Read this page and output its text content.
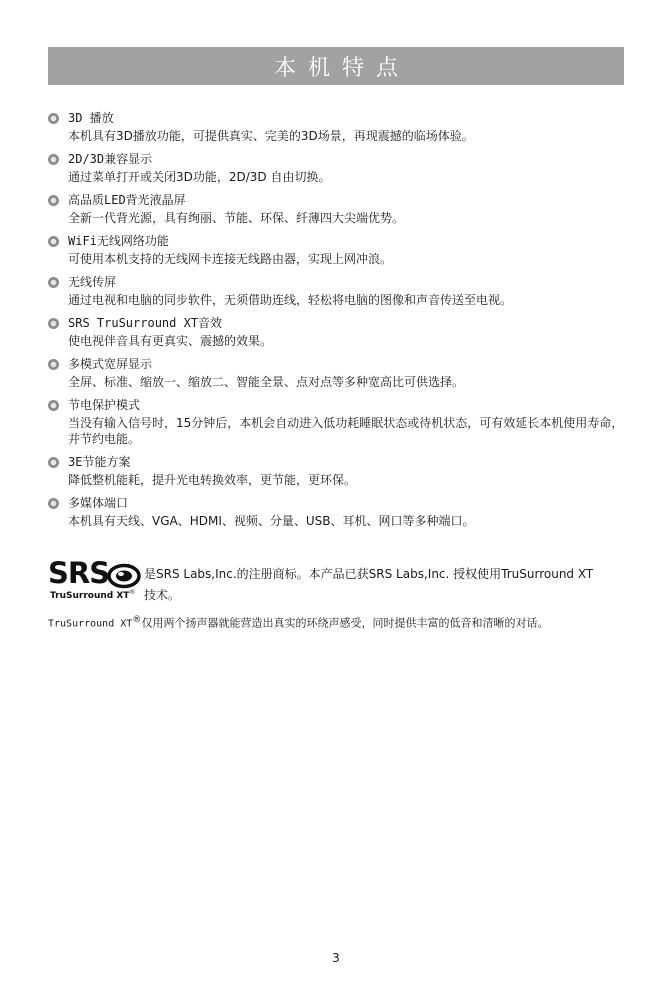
本机特点
3D 播放
本机具有3D播放功能，可提供真实、完美的3D场景，再现震撼的临场体验。
2D/3D兼容显示
通过菜单打开或关闭3D功能，2D/3D 自由切换。
高品质LED背光液晶屏
全新一代背光源，具有绚丽、节能、环保、纤薄四大尖端优势。
WiFi无线网络功能
可使用本机支持的无线网卡连接无线路由器，实现上网冲浪。
无线传屏
通过电视和电脑的同步软件，无须借助连线，轻松将电脑的图像和声音传送至电视。
SRS TruSurround XT音效
使电视伴音具有更真实、震撼的效果。
多模式宽屏显示
全屏、标准、缩放一、缩放二、智能全景、点对点等多种宽高比可供选择。
节电保护模式
当没有输入信号时，15分钟后，本机会自动进入低功耗睡眠状态或待机状态，可有效延长本机使用寿命，并节约电能。
3E节能方案
降低整机能耗，提升光电转换效率，更节能，更环保。
多媒体端口
本机具有天线、VGA、HDMI、视频、分量、USB、耳机、网口等多种端口。
SRS
TruSurround XT®
是SRS Labs,Inc.的注册商标。本产品已获SRS Labs,Inc. 授权使用TruSurround XT
技术。
TruSurround XT®仅用两个扬声器就能营造出真实的环绕声感受，同时提供丰富的低音和清晰的对话。
3
